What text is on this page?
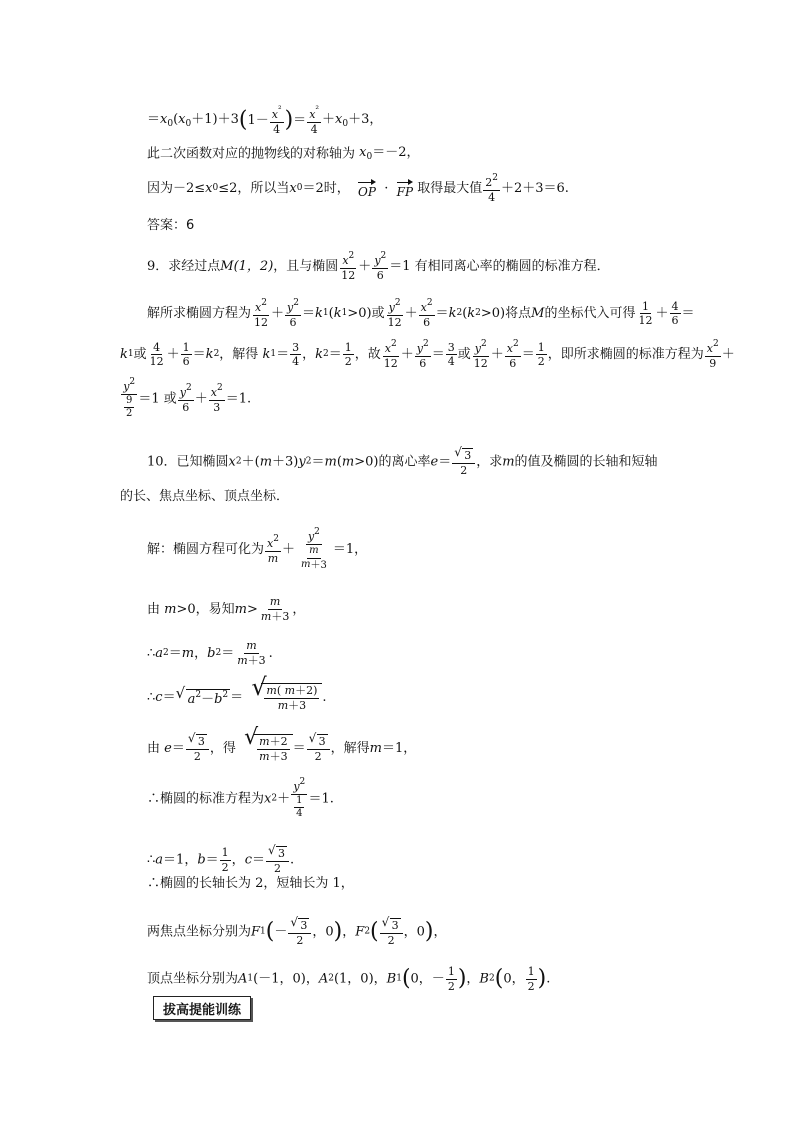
$=x_0(x_0+1)+3(1- \frac{x^{^2}}{4}$ )＝ $\frac{x^{^2}}{4} +x_0+3$，
此二次函数对应的抛物线的对称轴为 $x_0=-2$，
因为－2≤x0≤2，所以当x0＝2时， OP  ·  FP 取得最大值 $\frac{2^2}{4} +2+3=6$.
答案：6
9．求经过点M(1，2)，且与椭圆 $\frac{x^2}{12} + \frac{y^2}{6} =1$ 有相同离心率的椭圆的标准方程．
解所求椭圆方程为 $\frac{x^2}{12} + \frac{y^2}{6} =k1(k1>0)$或 $\frac{y^2}{12} + \frac{x^2}{6} =k2(k2>0)$将点M的坐标代入可得 $\frac{1}{12} + \frac{4}{6}$ ＝
k1或 $\frac{4}{12} + \frac{1}{6} =k2$，解得 $k1= \frac{3}{4}$ ，$k2= \frac{1}{2}$ ，故 $\frac{x^2}{12} + \frac{y^2}{6} = \frac{3}{4}$ 或 $\frac{y^2}{12} + \frac{x^2}{6} = \frac{1}{2}$ ，即所求椭圆的标准方程为 $\frac{x^2}{9}$ ＋
$\frac{y^2}{\frac{9}{2}} =1$ 或 $\frac{y^2}{6} + \frac{x^2}{3} =1$.
10．已知椭圆x2＋(m＋3)y2＝m(m>0)的离心率$e= \frac{√ 3}{2}$ ，求m的值及椭圆的长轴和短轴
的长、焦点坐标、顶点坐标．
解：椭圆方程可化为 $\frac{x^2}{m} + \frac{y^2}{\frac{m}{m+3}} =1$，
由 m>0，易知$m> \frac{m}{m+3}$ ，
∴a2＝m，$b2= \frac{m}{m+3}$ .
∴c＝ √ $a^2-b^2$ ＝ √
$\frac{m( m+2)}{m+3}$ .
由 $e= \frac{√ 3}{2}$ ，得 √
$\frac{m+2}{m+3} = \frac{√ 3}{2}$ ，解得m＝1，
∴椭圆的标准方程为$x2+ \frac{y^2}{\frac{1}{4}} =1$.
∴a＝1，$b= \frac{1}{2}$ ，$c= \frac{√ 3}{2}$ .
∴椭圆的长轴长为 2，短轴长为 1，
两焦点坐标分别为$F1(- \frac{√ 3}{2}$ ，0)，$F2( \frac{√ 3}{2}$ ，0)，
顶点坐标分别为A1(－1，0)，A2(1，0)，B1(0，－ $\frac{1}{2}$ )，B2(0， $\frac{1}{2}$ ).
拔高提能训练
